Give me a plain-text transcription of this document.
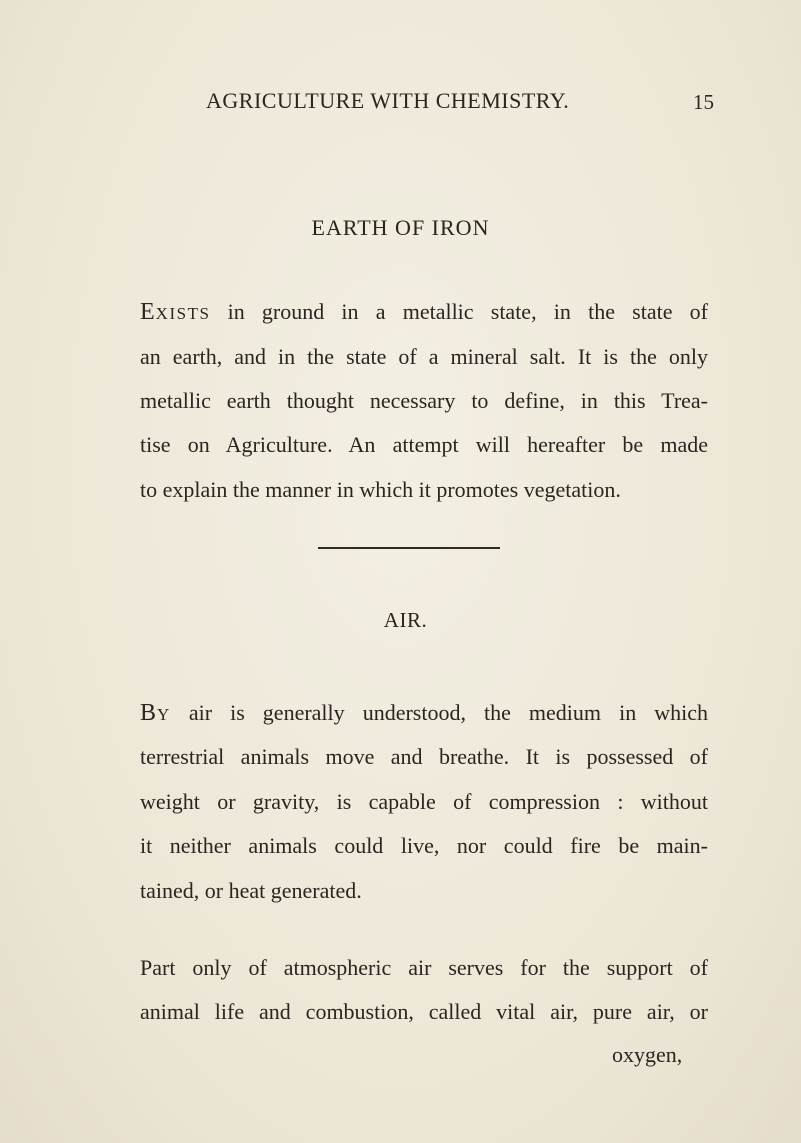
AGRICULTURE WITH CHEMISTRY.	15
EARTH OF IRON
EXISTS in ground in a metallic state, in the state of
an earth, and in the state of a mineral salt. It is the only
metallic earth thought necessary to define, in this Trea-
tise on Agriculture. An attempt will hereafter be made
to explain the manner in which it promotes vegetation.
AIR.
BY air is generally understood, the medium in which
terrestrial animals move and breathe. It is possessed of
weight or gravity, is capable of compression : without
it neither animals could live, nor could fire be main-
tained, or heat generated.
Part only of atmospheric air serves for the support of
animal life and combustion, called vital air, pure air, or
oxygen,
